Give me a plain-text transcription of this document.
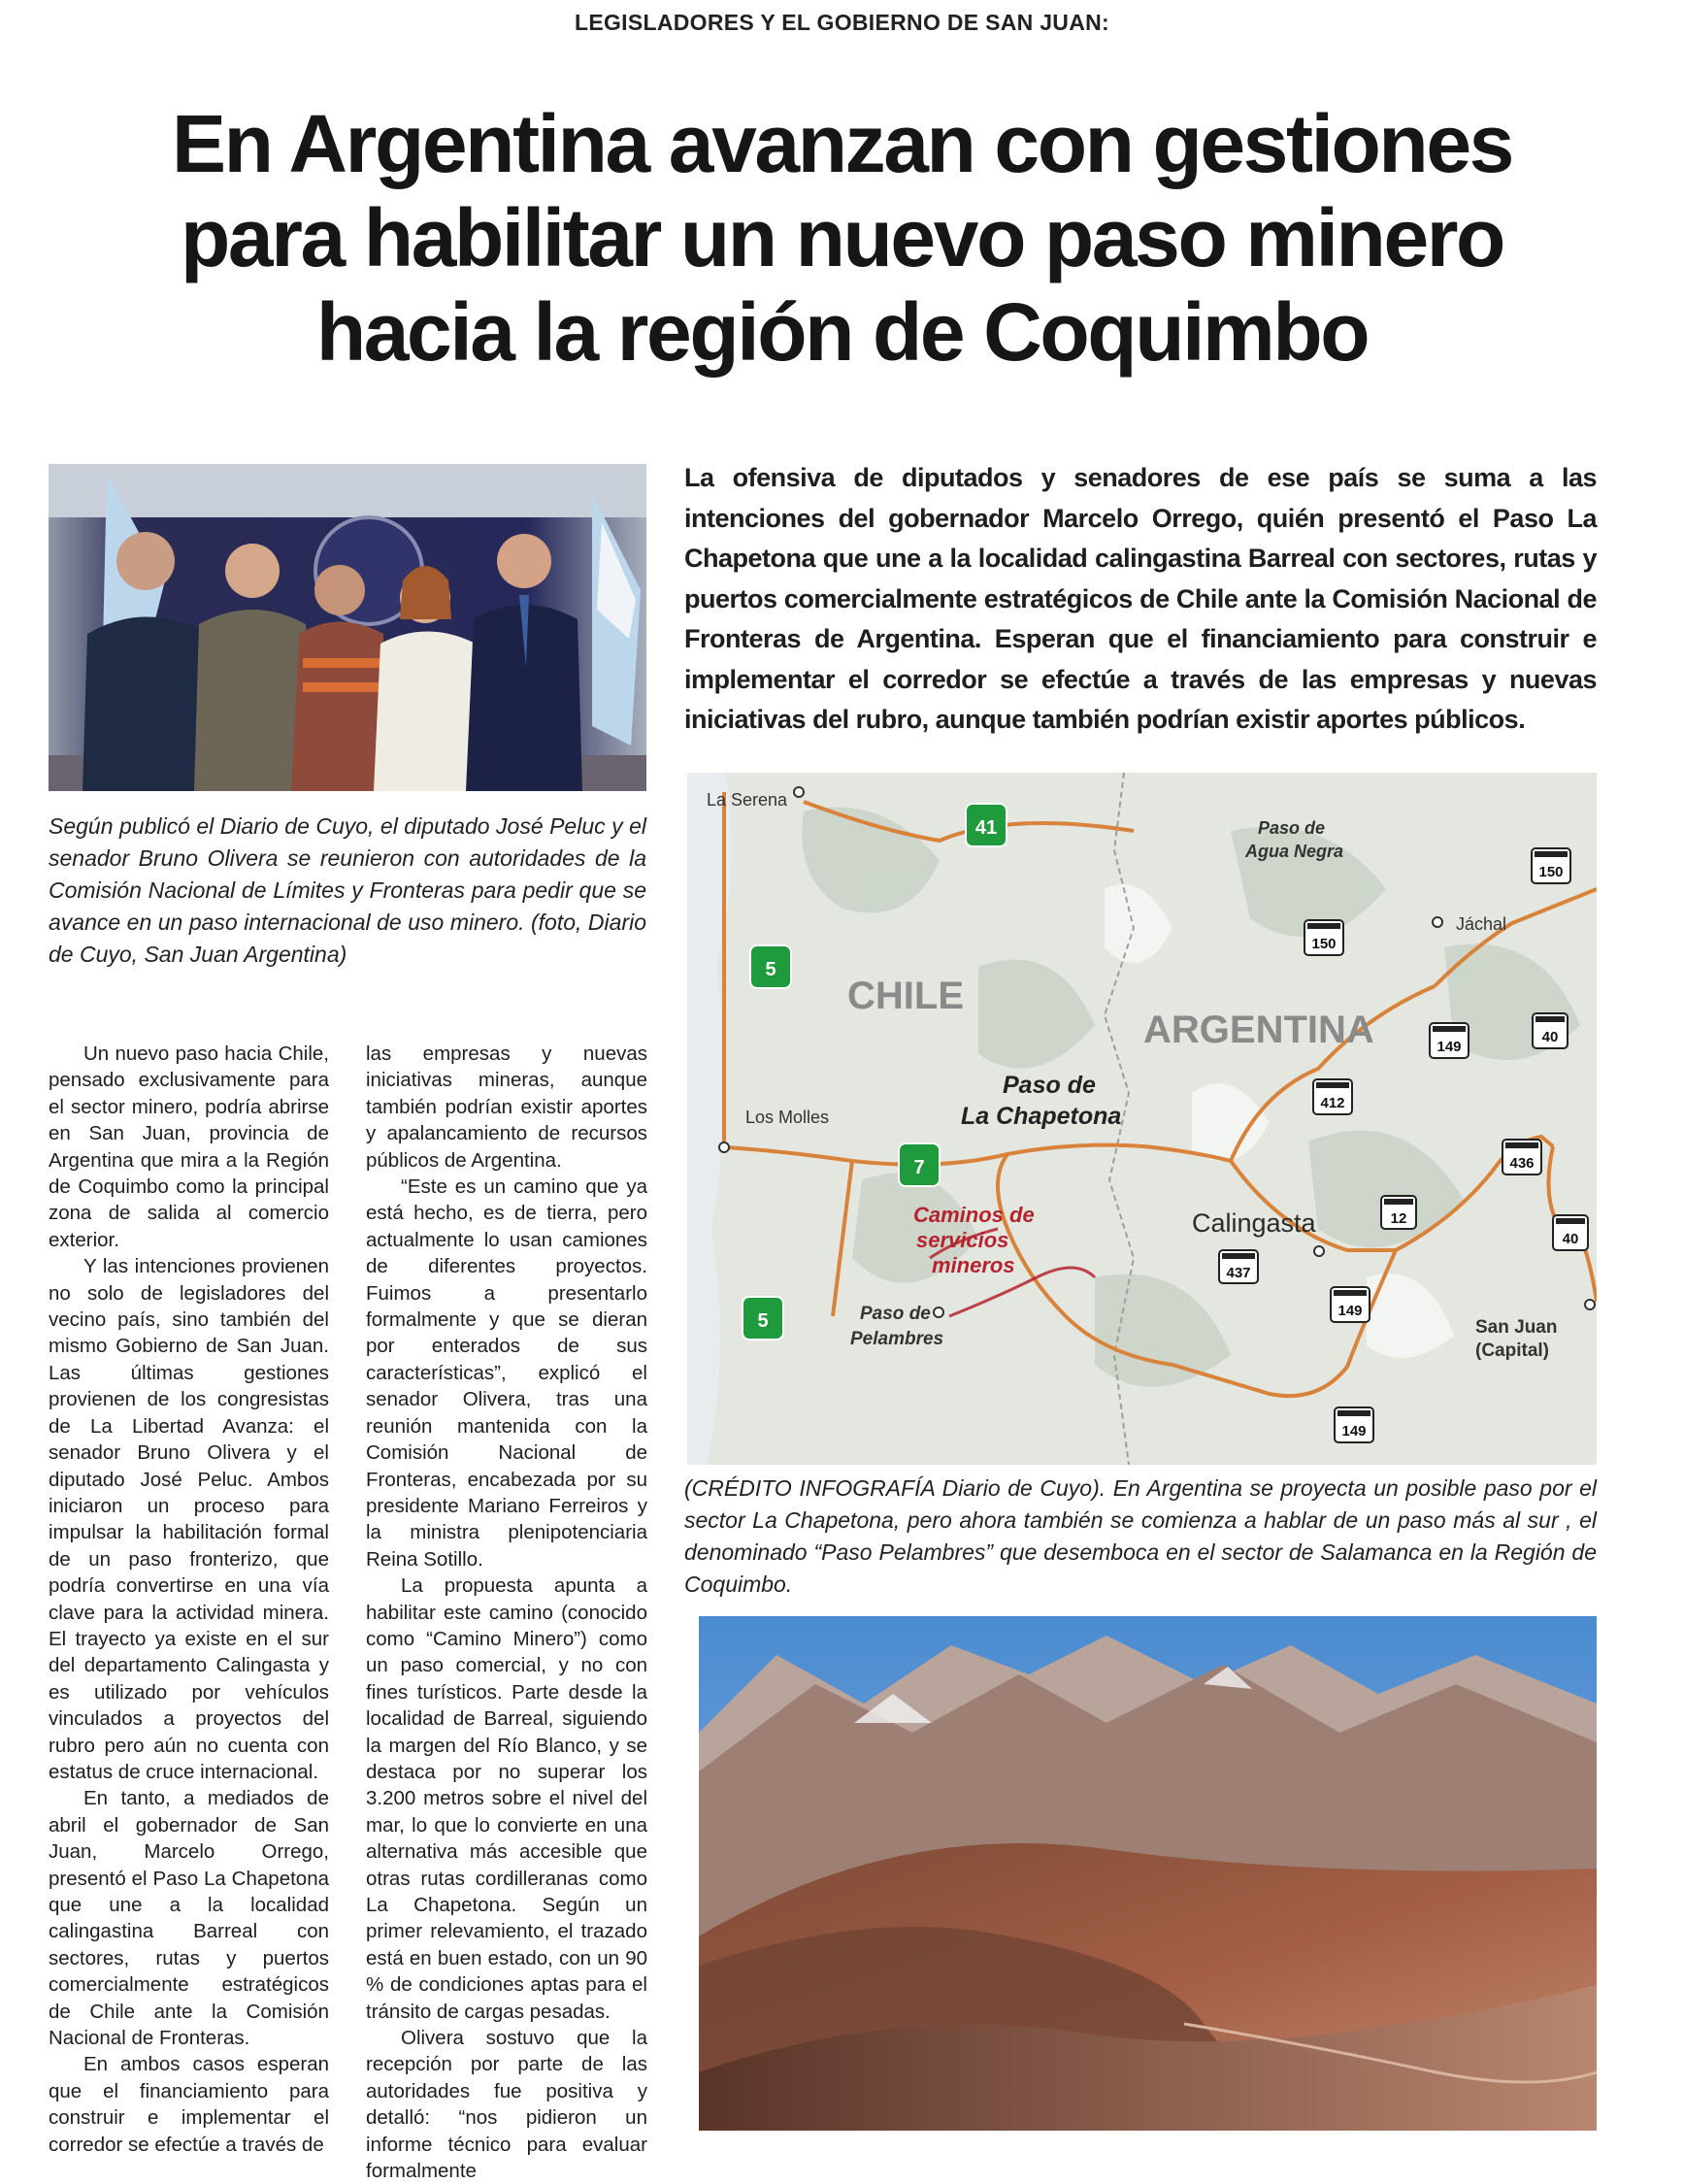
LEGISLADORES Y EL GOBIERNO DE SAN JUAN:
En Argentina avanzan con gestiones
para habilitar un nuevo paso minero
hacia la región de Coquimbo
Según publicó el Diario de Cuyo, el diputado José Peluc y el senador Bruno Olivera se reunieron con autoridades de la Comisión Nacional de Límites y Fronteras para pedir que se avance en un paso internacional de uso minero. (foto, Diario de Cuyo, San Juan Argentina)
La ofensiva de diputados y senadores de ese país se suma a las intenciones del gobernador Marcelo Orrego, quién presentó el Paso La Chapetona que une a la localidad calingastina Barreal con sectores, rutas y puertos comercialmente estratégicos de Chile ante la Comisión Nacional de Fronteras de Argentina. Esperan que el financiamiento para construir e implementar el corredor se efectúe a través de las empresas y nuevas iniciativas del rubro, aunque también podrían existir aportes públicos.
La Serena
Los Molles
Jáchal
Calingasta
San Juan
(Capital)
Paso de
Agua Negra
Paso de
La Chapetona
Paso de
Pelambres
Caminos de
servicios
mineros
CHILE
ARGENTINA
41
5
7
5
150
150
149
40
412
436
12
40
437
149
149
(CRÉDITO INFOGRAFÍA Diario de Cuyo). En Argentina se proyecta un posible paso por el sector La Chapetona, pero ahora también se comienza a hablar de un paso más al sur , el denominado “Paso Pelambres” que desemboca en el sector de Salamanca en la Región de Coquimbo.

Un nuevo paso hacia Chile, pensado exclusivamente para el sector minero, podría abrirse en San Juan, provincia de Argentina que mira a la Región de Coquimbo como la principal zona de salida al comercio exterior.

Y las intenciones provienen no solo de legisladores del vecino país, sino también del mismo Gobierno de San Juan. Las últimas gestiones provienen de los congresistas de La Libertad Avanza: el senador Bruno Olivera y el diputado José Peluc. Ambos iniciaron un proceso para impulsar la habilitación formal de un paso fronterizo, que podría convertirse en una vía clave para la actividad minera. El trayecto ya existe en el sur del departamento Calingasta y es utilizado por vehículos vinculados a proyectos del rubro pero aún no cuenta con estatus de cruce internacional.

En tanto, a mediados de abril el gobernador de San Juan, Marcelo Orrego, presentó el Paso La Chapetona que une a la localidad calingastina Barreal con sectores, rutas y puertos comercialmente estratégicos de Chile ante la Comisión Nacional de Fronteras.

En ambos casos esperan que el financiamiento para construir e implementar el corredor se efectúe a través de

las empresas y nuevas iniciativas mineras, aunque también podrían existir aportes y apalancamiento de recursos públicos de Argentina.

“Este es un camino que ya está hecho, es de tierra, pero actualmente lo usan camiones de diferentes proyectos. Fuimos a presentarlo formalmente y que se dieran por enterados de sus características”, explicó el senador Olivera, tras una reunión mantenida con la Comisión Nacional de Fronteras, encabezada por su presidente Mariano Ferreiros y la ministra plenipotenciaria Reina Sotillo.

La propuesta apunta a habilitar este camino (conocido como “Camino Minero”) como un paso comercial, y no con fines turísticos. Parte desde la localidad de Barreal, siguiendo la margen del Río Blanco, y se destaca por no superar los 3.200 metros sobre el nivel del mar, lo que lo convierte en una alternativa más accesible que otras rutas cordilleranas como La Chapetona. Según un primer relevamiento, el trazado está en buen estado, con un 90 % de condiciones aptas para el tránsito de cargas pesadas.

Olivera sostuvo que la recepción por parte de las autoridades fue positiva y detalló: “nos pidieron un informe técnico para evaluar formalmente
